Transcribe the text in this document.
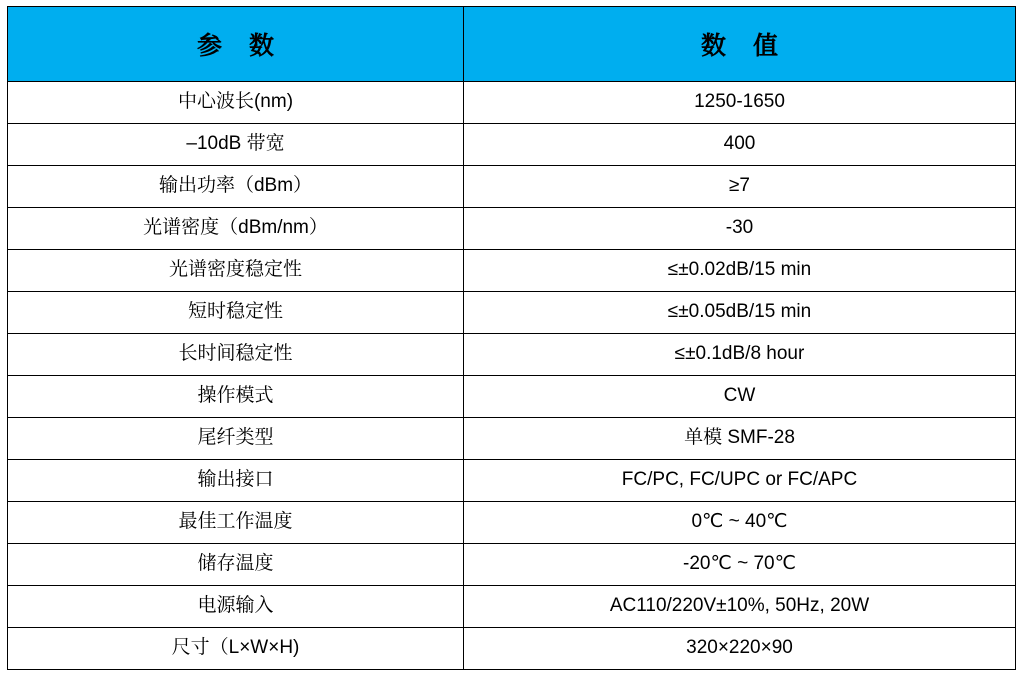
参 数	数 值
中心波长(nm)	1250-1650
–10dB 带宽	400
输出功率（dBm）	≥7
光谱密度（dBm/nm）	-30
光谱密度稳定性	≤±0.02dB/15 min
短时稳定性	≤±0.05dB/15 min
长时间稳定性	≤±0.1dB/8 hour
操作模式	CW
尾纤类型	单模 SMF-28
输出接口	FC/PC, FC/UPC or FC/APC
最佳工作温度	0℃ ~ 40℃
储存温度	-20℃ ~ 70℃
电源输入	AC110/220V±10%, 50Hz, 20W
尺寸（L×W×H)	320×220×90
